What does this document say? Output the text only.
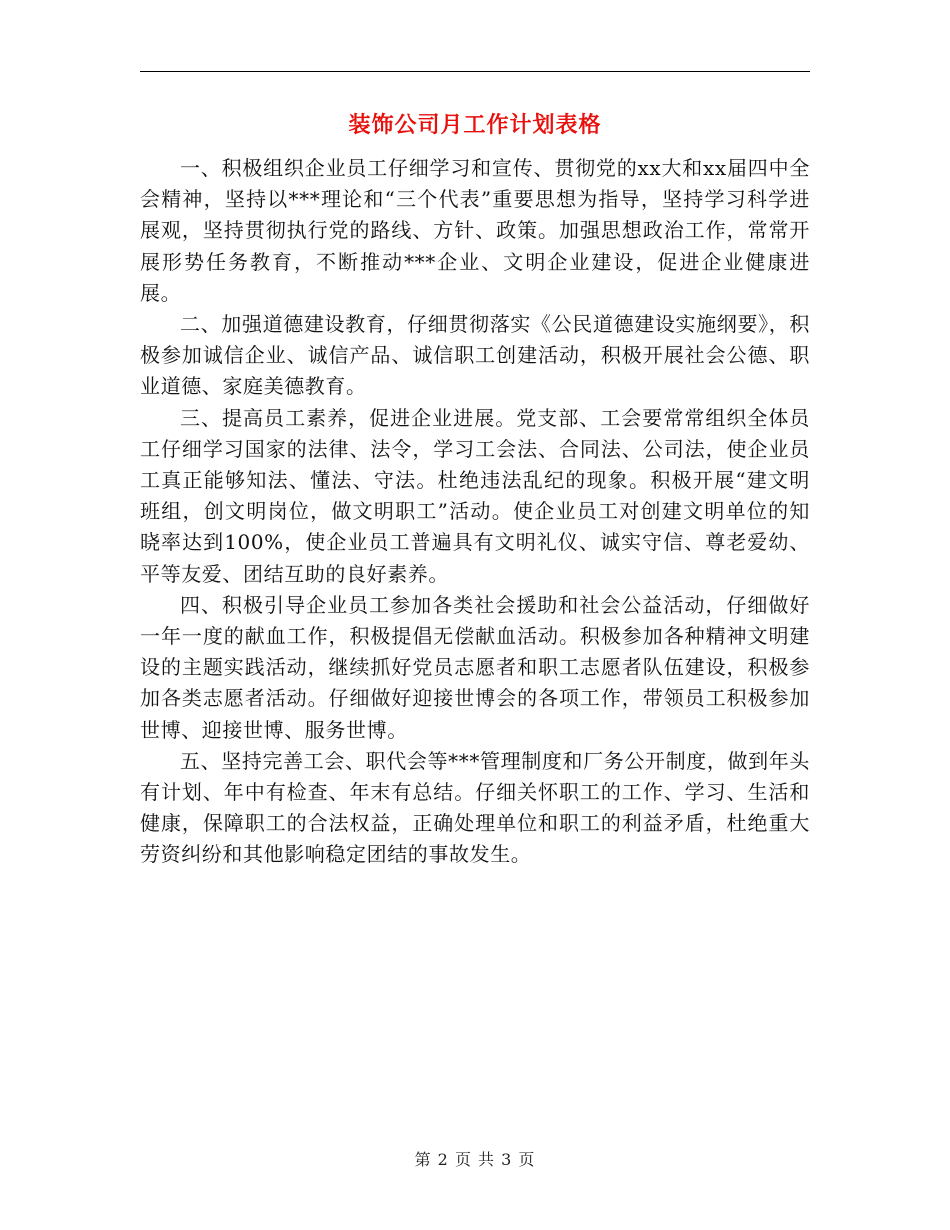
装饰公司月工作计划表格

一、积极组织企业员工仔细学习和宣传、贯彻党的xx大和xx届四中全会精神，坚持以***理论和“三个代表”重要思想为指导，坚持学习科学进展观，坚持贯彻执行党的路线、方针、政策。加强思想政治工作，常常开展形势任务教育，不断推动***企业、文明企业建设，促进企业健康进展。

二、加强道德建设教育，仔细贯彻落实《公民道德建设实施纲要》，积极参加诚信企业、诚信产品、诚信职工创建活动，积极开展社会公德、职业道德、家庭美德教育。

三、提高员工素养，促进企业进展。党支部、工会要常常组织全体员工仔细学习国家的法律、法令，学习工会法、合同法、公司法，使企业员工真正能够知法、懂法、守法。杜绝违法乱纪的现象。积极开展“建文明班组，创文明岗位，做文明职工”活动。使企业员工对创建文明单位的知晓率达到100%，使企业员工普遍具有文明礼仪、诚实守信、尊老爱幼、平等友爱、团结互助的良好素养。

四、积极引导企业员工参加各类社会援助和社会公益活动，仔细做好一年一度的献血工作，积极提倡无偿献血活动。积极参加各种精神文明建设的主题实践活动，继续抓好党员志愿者和职工志愿者队伍建设，积极参加各类志愿者活动。仔细做好迎接世博会的各项工作，带领员工积极参加世博、迎接世博、服务世博。

五、坚持完善工会、职代会等***管理制度和厂务公开制度，做到年头有计划、年中有检查、年末有总结。仔细关怀职工的工作、学习、生活和健康，保障职工的合法权益，正确处理单位和职工的利益矛盾，杜绝重大劳资纠纷和其他影响稳定团结的事故发生。

第 2 页 共 3 页
